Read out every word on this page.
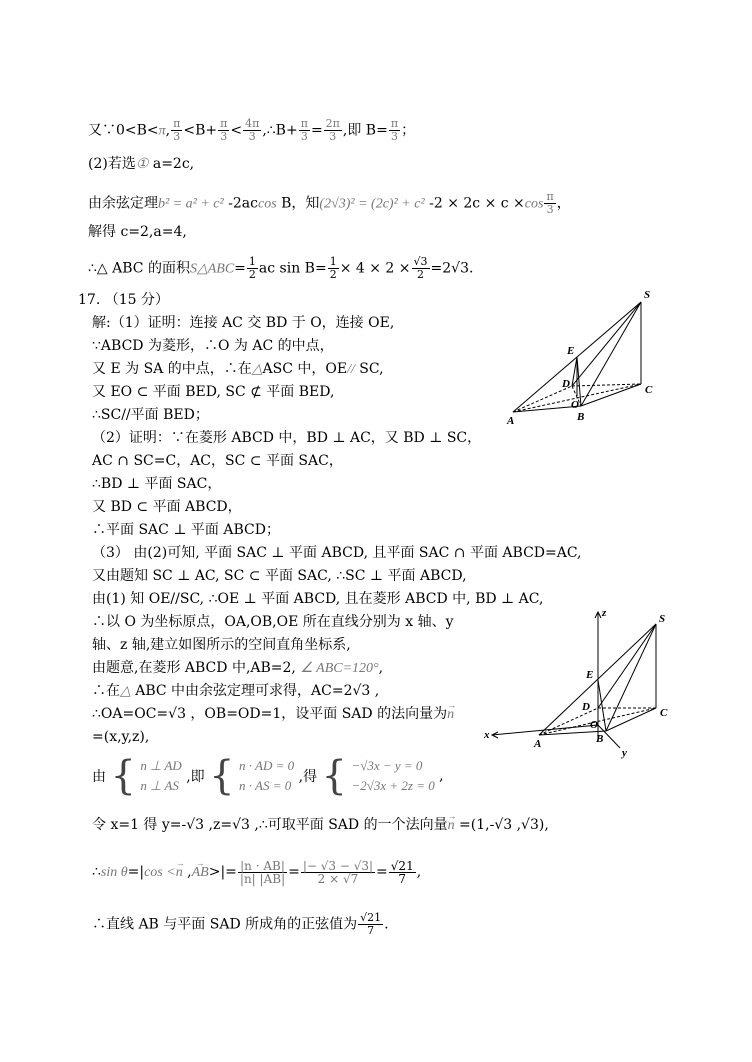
又∵0<B<π, $\frac{\pi}{3} <B+ \frac{\pi}{3} < \frac{4\pi}{3}$ ,∴B+ $\frac{\pi}{3} = \frac{2\pi}{3}$ ,即 $B= \frac{\pi}{3}$ ；
(2)若选① a=2c,
由余弦定理b² = a² + c² -2accos B，知(2√3)² = (2c)² + c² $-2 \times 2c \times c \times\cos \frac{\pi}{3}$ ，
解得 c=2,a=4,
∴△ ABC 的面积S△ABC= $\frac{1}{2}$ ac $\sin B= \frac{1}{2} \times 4 \times 2 \times \frac{√3}{2} =2√3$.
17. （15 分）
解:（1）证明：连接 AC 交 BD 于 O，连接 OE,
∵ABCD 为菱形，∴O 为 AC 的中点，
又 E 为 SA 的中点，∴在△ASC 中，OE// SC,
又 EO ⊂ 平面 BED, SC ⊄ 平面 BED,
∴SC//平面 BED；
（2）证明：∵在菱形 ABCD 中，BD ⊥ AC，又 BD ⊥ SC，
AC ∩ SC=C，AC，SC ⊂ 平面 SAC，
∴BD ⊥ 平面 SAC，
又 BD ⊂ 平面 ABCD，
∴平面 SAC ⊥ 平面 ABCD；
（3） 由(2)可知, 平面 SAC ⊥ 平面 ABCD, 且平面 SAC ∩ 平面 ABCD=AC,
又由题知 SC ⊥ AC, SC ⊂ 平面 SAC, ∴SC ⊥ 平面 ABCD,
由(1) 知 OE//SC, ∴OE ⊥ 平面 ABCD, 且在菱形 ABCD 中, BD ⊥ AC,
∴以 O 为坐标原点，OA,OB,OE 所在直线分别为 x 轴、y
轴、z 轴,建立如图所示的空间直角坐标系,
由题意,在菱形 ABCD 中,AB=2, ∠ ABC=120°,
∴在△ ABC 中由余弦定理可求得，AC=2√3 ,
∴OA=OC=√3 ，OB=OD=1，设平面 SAD 的法向量为→ n
=(x,y,z),
由 { n ⊥ AD
n ⊥ AS
,即 { n · AD = 0
n · AS = 0
,得 { −√3x − y = 0
−2√3x + 2z = 0
,
令 x=1 得 y=-√3 ,z=√3 ,∴可取平面 SAD 的一个法向量→ n =(1,-√3 ,√3),
∴sin θ=|cos <→ n ,→ $AB>|= \frac{|n \cdot AB|}{|n| |AB|} = \frac{|- √3 - √3|}{2 \times √7} = \frac{√21}{7}$ ,
∴直线 AB 与平面 SAD 所成角的正弦值为 $\frac{√21}{7}$ .
S
E
D
O
A	B
C
z	S
E
D
O
A	B
C
x
y
